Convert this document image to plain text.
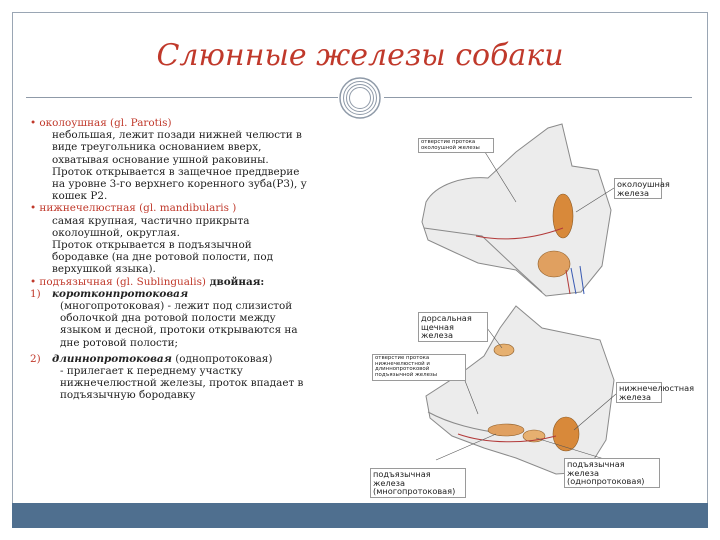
Слюнные железы собаки
• околоушная (gl. Parotis)
небольшая, лежит позади нижней челюсти в
виде треугольника основанием вверх,
охватывая основание ушной раковины.
Проток открывается в защечное преддверие
на уровне 3-го верхнего коренного зуба(Р3), у
кошек Р2.
• нижнечелюстная (gl. mandibularis )
самая крупная, частично прикрыта
околоушной, округлая.
Проток открывается в подъязычной
бородавке (на дне ротовой полости, под
верхушкой языка).
• подъязычная (gl. Sublingualis) двойная:
1) коротконпротоковая
(многопротоковая) - лежит под слизистой
оболочкой дна ротовой полости между
языком и десной, протоки открываются на
дне ротовой полости;
2) длиннопротоковая (однопротоковая)
- прилегает к переднему участку
нижнечелюстной железы, проток впадает в
подъязычную бородавку
отверстие протока околоушной железы
околоушная железа
дорсальная щечная железа
отверстие протока нижнечелюстной и длиннопротоковой подъязычной железы
нижнечелюстная железа
подъязычная железа (многопротоковая)
подъязычная железа (однопротоковая)
